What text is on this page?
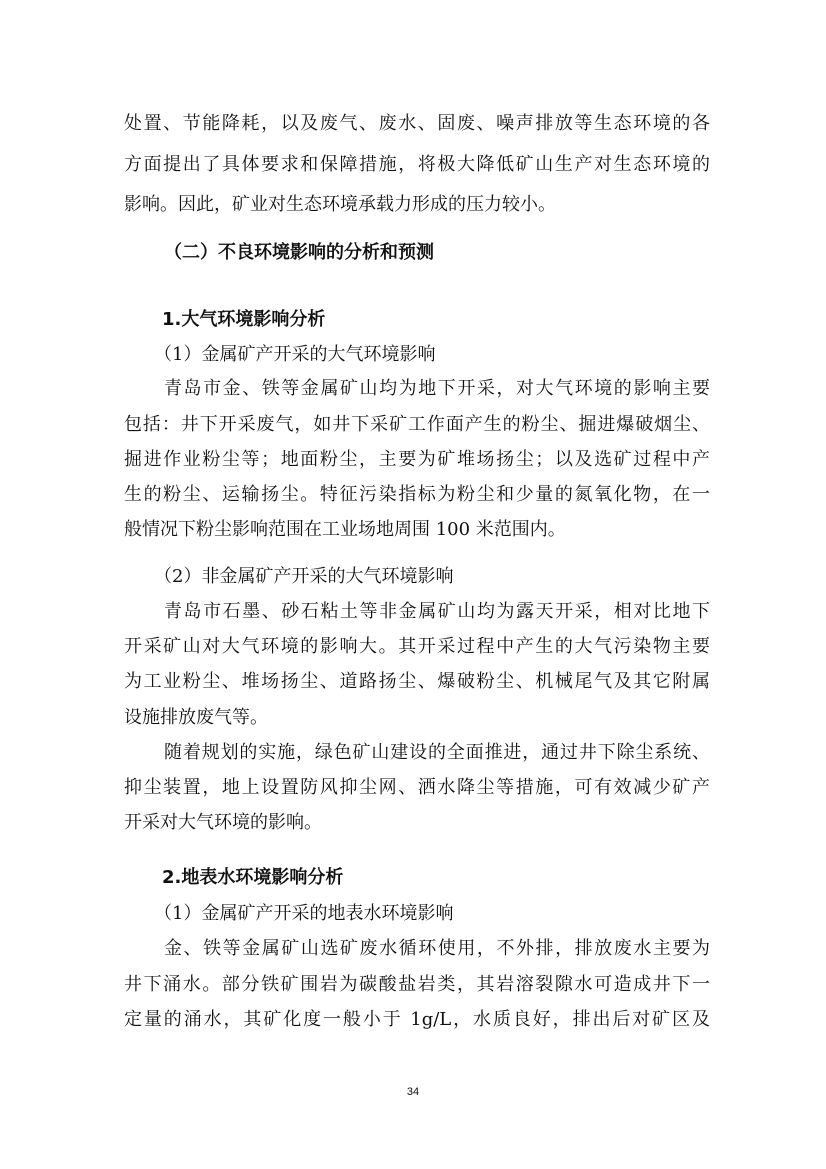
处置、节能降耗，以及废气、废水、固废、噪声排放等生态环境的各
方面提出了具体要求和保障措施，将极大降低矿山生产对生态环境的
影响。因此，矿业对生态环境承载力形成的压力较小。
（二）不良环境影响的分析和预测
1.大气环境影响分析
（1）金属矿产开采的大气环境影响
青岛市金、铁等金属矿山均为地下开采，对大气环境的影响主要
包括：井下开采废气，如井下采矿工作面产生的粉尘、掘进爆破烟尘、
掘进作业粉尘等；地面粉尘，主要为矿堆场扬尘；以及选矿过程中产
生的粉尘、运输扬尘。特征污染指标为粉尘和少量的氮氧化物，在一
般情况下粉尘影响范围在工业场地周围 100 米范围内。
（2）非金属矿产开采的大气环境影响
青岛市石墨、砂石粘土等非金属矿山均为露天开采，相对比地下
开采矿山对大气环境的影响大。其开采过程中产生的大气污染物主要
为工业粉尘、堆场扬尘、道路扬尘、爆破粉尘、机械尾气及其它附属
设施排放废气等。
随着规划的实施，绿色矿山建设的全面推进，通过井下除尘系统、
抑尘装置，地上设置防风抑尘网、洒水降尘等措施，可有效减少矿产
开采对大气环境的影响。
2.地表水环境影响分析
（1）金属矿产开采的地表水环境影响
金、铁等金属矿山选矿废水循环使用，不外排，排放废水主要为
井下涌水。部分铁矿围岩为碳酸盐岩类，其岩溶裂隙水可造成井下一
定量的涌水，其矿化度一般小于 1g/L，水质良好，排出后对矿区及
34
